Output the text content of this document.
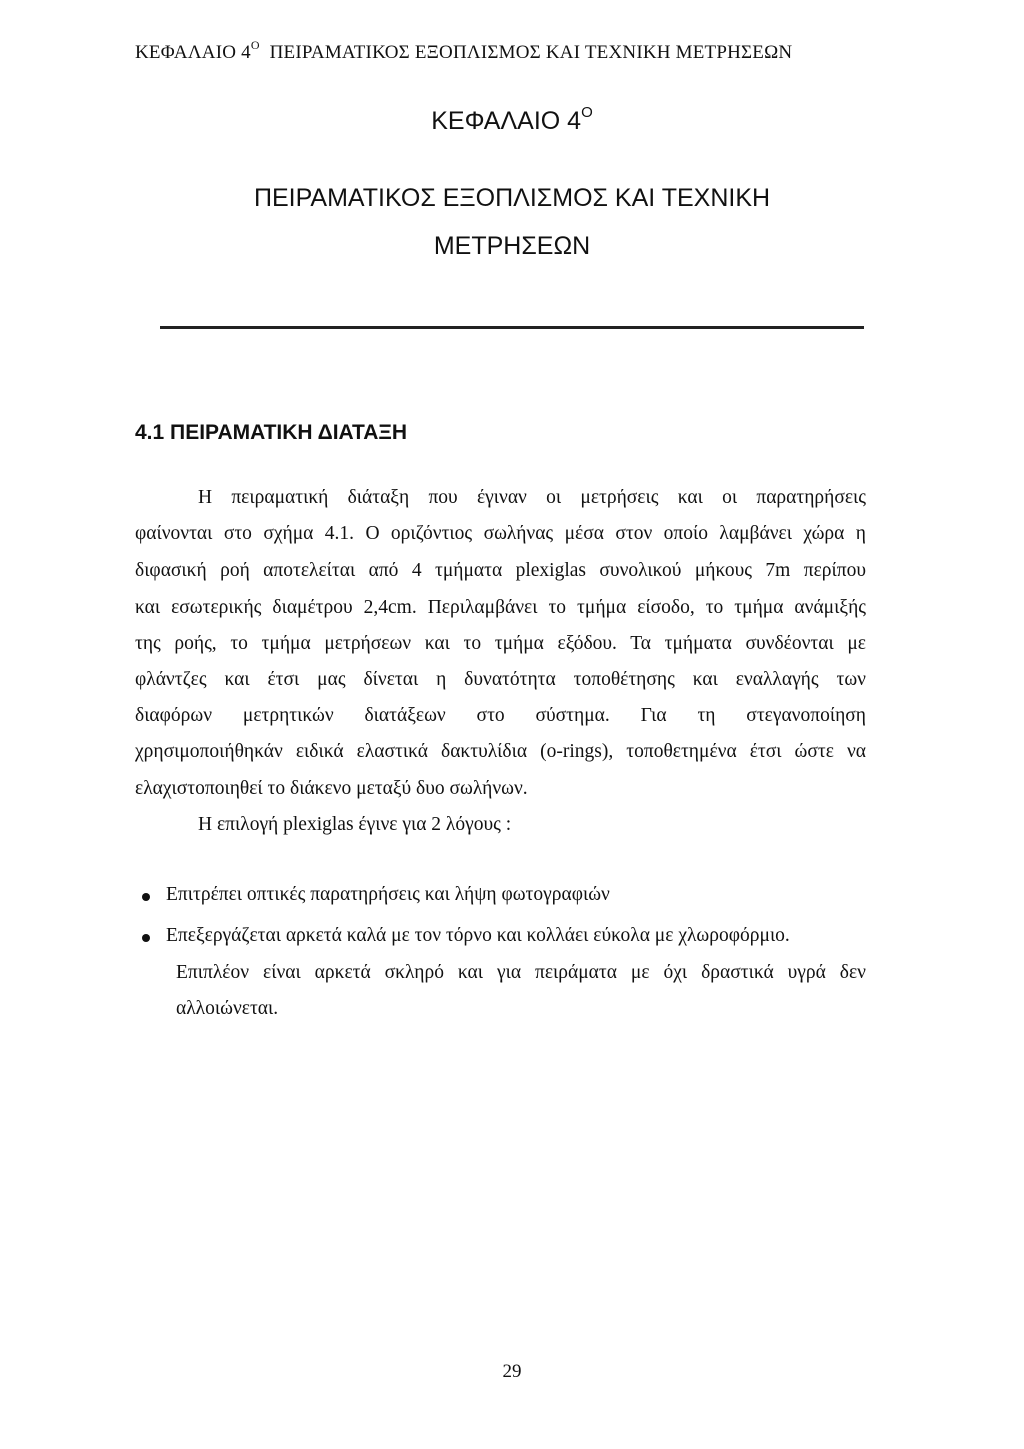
ΚΕΦΑΛΑΙΟ $4^O$ ΠΕΙΡΑΜΑΤΙΚΟΣ ΕΞΟΠΛΙΣΜΟΣ ΚΑΙ ΤΕΧΝΙΚΗ ΜΕΤΡΗΣΕΩΝ
ΚΕΦΑΛΑΙΟ $4^O$
ΠΕΙΡΑΜΑΤΙΚΟΣ ΕΞΟΠΛΙΣΜΟΣ ΚΑΙ ΤΕΧΝΙΚΗ
ΜΕΤΡΗΣΕΩΝ
4.1 ΠΕΙΡΑΜΑΤΙΚΗ ΔΙΑΤΑΞΗ
Η πειραματική διάταξη που έγιναν οι μετρήσεις και οι παρατηρήσεις
φαίνονται στο σχήμα 4.1. Ο οριζόντιος σωλήνας μέσα στον οποίο λαμβάνει χώρα η
διφασική ροή αποτελείται από 4 τμήματα plexiglas συνολικού μήκους 7m περίπου
και εσωτερικής διαμέτρου 2,4cm. Περιλαμβάνει το τμήμα είσοδο, το τμήμα ανάμιξής
της ροής, το τμήμα μετρήσεων και το τμήμα εξόδου. Τα τμήματα συνδέονται με
φλάντζες και έτσι μας δίνεται η δυνατότητα τοποθέτησης και εναλλαγής των
διαφόρων μετρητικών διατάξεων στο σύστημα. Για τη στεγανοποίηση
χρησιμοποιήθηκάν ειδικά ελαστικά δακτυλίδια (o-rings), τοποθετημένα έτσι ώστε να
ελαχιστοποιηθεί το διάκενο μεταξύ δυο σωλήνων.
Η επιλογή plexiglas έγινε για 2 λόγους :
Επιτρέπει οπτικές παρατηρήσεις και λήψη φωτογραφιών
Επεξεργάζεται αρκετά καλά με τον τόρνο και κολλάει εύκολα με χλωροφόρμιο.
Επιπλέον είναι αρκετά σκληρό και για πειράματα με όχι δραστικά υγρά δεν
αλλοιώνεται.
29
